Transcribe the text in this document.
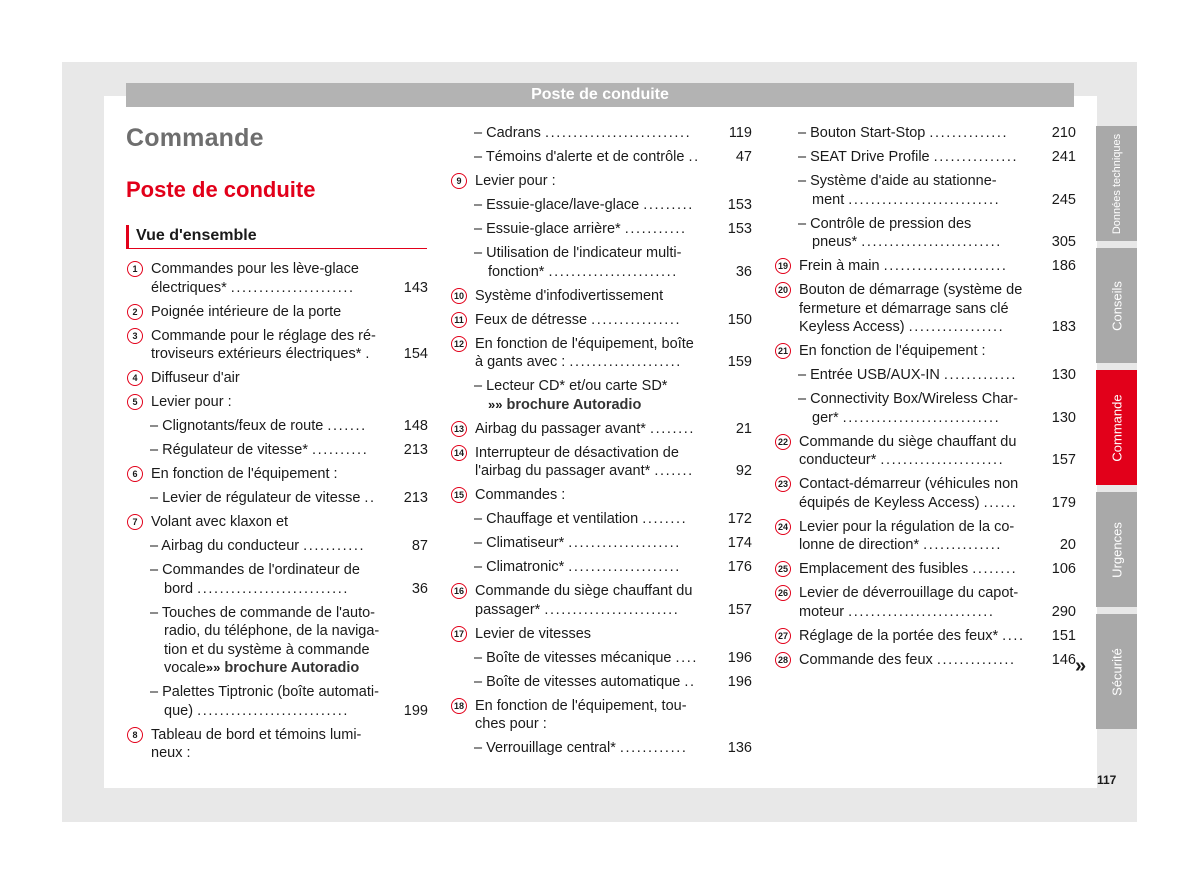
Poste de conduite
Commande
Poste de conduite
Vue d'ensemble
1 Commandes pour les lève-glace
électriques* ......................	143
2 Poignée intérieure de la porte
3 Commande pour le réglage des ré-
troviseurs extérieurs électriques* .	154
4 Diffuseur d'air
5 Levier pour :
– Clignotants/feux de route .......	148
– Régulateur de vitesse* ..........	213
6 En fonction de l'équipement :
– Levier de régulateur de vitesse ..	213
7 Volant avec klaxon et
– Airbag du conducteur ...........	87
– Commandes de l'ordinateur de
bord ...........................	36
– Touches de commande de l'auto-
radio, du téléphone, de la naviga-
tion et du système à commande
vocale»» brochure Autoradio
– Palettes Tiptronic (boîte automati-
que) ...........................	199
8 Tableau de bord et témoins lumi-
neux :
– Cadrans ..........................	119
– Témoins d'alerte et de contrôle ..	47
9 Levier pour :
– Essuie-glace/lave-glace .........	153
– Essuie-glace arrière* ...........	153
– Utilisation de l'indicateur multi-
fonction* .......................	36
10 Système d'infodivertissement
11 Feux de détresse ................	150
12 En fonction de l'équipement, boîte
à gants avec : ....................	159
– Lecteur CD* et/ou carte SD*
»» brochure Autoradio
13 Airbag du passager avant* ........	21
14 Interrupteur de désactivation de
l'airbag du passager avant* .......	92
15 Commandes :
– Chauffage et ventilation ........	172
– Climatiseur* ....................	174
– Climatronic* ....................	176
16 Commande du siège chauffant du
passager* ........................	157
17 Levier de vitesses
– Boîte de vitesses mécanique ....	196
– Boîte de vitesses automatique ..	196
18 En fonction de l'équipement, tou-
ches pour :
– Verrouillage central* ............	136
– Bouton Start-Stop ..............	210
– SEAT Drive Profile ...............	241
– Système d'aide au stationne-
ment ...........................	245
– Contrôle de pression des
pneus* .........................	305
19 Frein à main ......................	186
20 Bouton de démarrage (système de
fermeture et démarrage sans clé
Keyless Access) .................	183
21 En fonction de l'équipement :
– Entrée USB/AUX-IN .............	130
– Connectivity Box/Wireless Char-
ger* ............................	130
22 Commande du siège chauffant du
conducteur* ......................	157
23 Contact-démarreur (véhicules non
équipés de Keyless Access) ......	179
24 Levier pour la régulation de la co-
lonne de direction* ..............	20
25 Emplacement des fusibles ........	106
26 Levier de déverrouillage du capot-
moteur ..........................	290
27 Réglage de la portée des feux* ....	151
28 Commande des feux ..............	146 »
Données techniques
Conseils
Commande
Urgences
Sécurité
117
